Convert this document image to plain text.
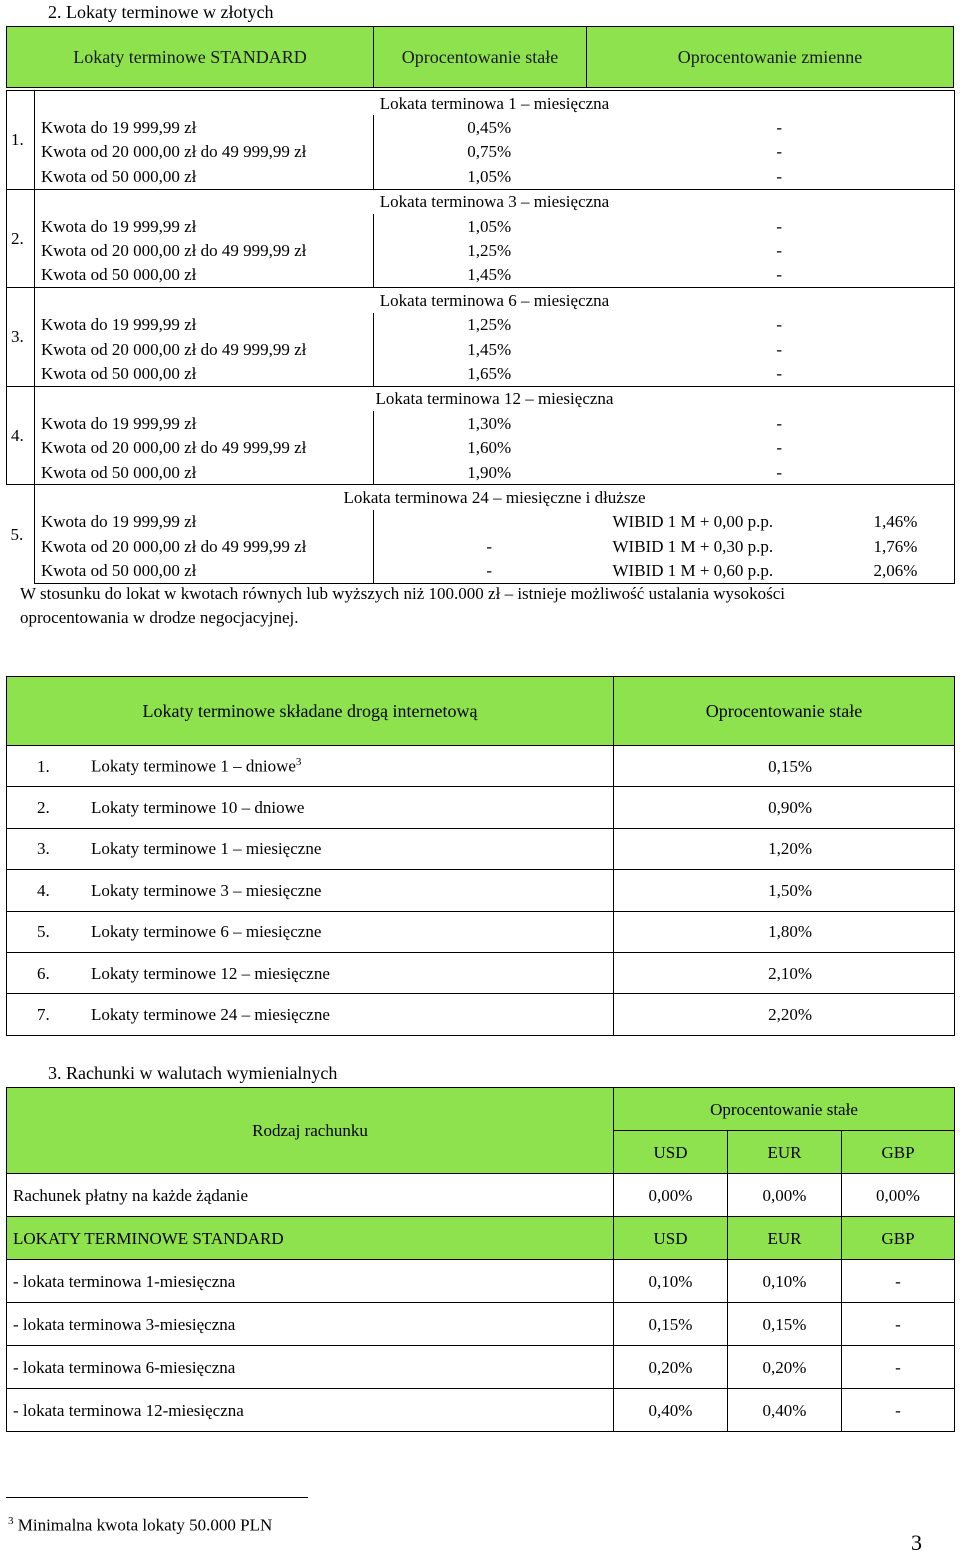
2. Lokaty terminowe w złotych
Lokaty terminowe STANDARD	Oprocentowanie stałe	Oprocentowanie zmienne
1.	Lokata terminowa 1 – miesięczna		
	Kwota do 19 999,99 zł	0,45%	-
	Kwota od 20 000,00 zł do 49 999,99 zł	0,75%	-
	Kwota od 50 000,00 zł	1,05%	-
2.	Lokata terminowa 3 – miesięczna		
	Kwota do 19 999,99 zł	1,05%	-
	Kwota od 20 000,00 zł do 49 999,99 zł	1,25%	-
	Kwota od 50 000,00 zł	1,45%	-
3.	Lokata terminowa 6 – miesięczna		
	Kwota do 19 999,99 zł	1,25%	-
	Kwota od 20 000,00 zł do 49 999,99 zł	1,45%	-
	Kwota od 50 000,00 zł	1,65%	-
4.	Lokata terminowa 12 – miesięczna		
	Kwota do 19 999,99 zł	1,30%	-
	Kwota od 20 000,00 zł do 49 999,99 zł	1,60%	-
	Kwota od 50 000,00 zł	1,90%	-
5.	Lokata terminowa 24 – miesięczne i dłuższe		
	Kwota do 19 999,99 zł		WIBID 1 M + 0,00 p.p. 1,46%
	Kwota od 20 000,00 zł do 49 999,99 zł	-	WIBID 1 M + 0,30 p.p. 1,76%
	Kwota od 50 000,00 zł	-	WIBID 1 M + 0,60 p.p. 2,06%
W stosunku do lokat w kwotach równych lub wyższych niż 100.000 zł – istnieje możliwość ustalania wysokości
oprocentowania w drodze negocjacyjnej.
Lokaty terminowe składane drogą internetową	Oprocentowanie stałe
1. Lokaty terminowe 1 – dniowe$^3$	0,15%
2. Lokaty terminowe 10 – dniowe	0,90%
3. Lokaty terminowe 1 – miesięczne	1,20%
4. Lokaty terminowe 3 – miesięczne	1,50%
5. Lokaty terminowe 6 – miesięczne	1,80%
6. Lokaty terminowe 12 – miesięczne	2,10%
7. Lokaty terminowe 24 – miesięczne	2,20%
3. Rachunki w walutach wymienialnych
Rodzaj rachunku	Oprocentowanie stałe		
	USD	EUR	GBP
Rachunek płatny na każde żądanie	0,00%	0,00%	0,00%
LOKATY TERMINOWE STANDARD	USD	EUR	GBP
- lokata terminowa 1-miesięczna	0,10%	0,10%	-
- lokata terminowa 3-miesięczna	0,15%	0,15%	-
- lokata terminowa 6-miesięczna	0,20%	0,20%	-
- lokata terminowa 12-miesięczna	0,40%	0,40%	-
$^3$ Minimalna kwota lokaty 50.000 PLN
3
